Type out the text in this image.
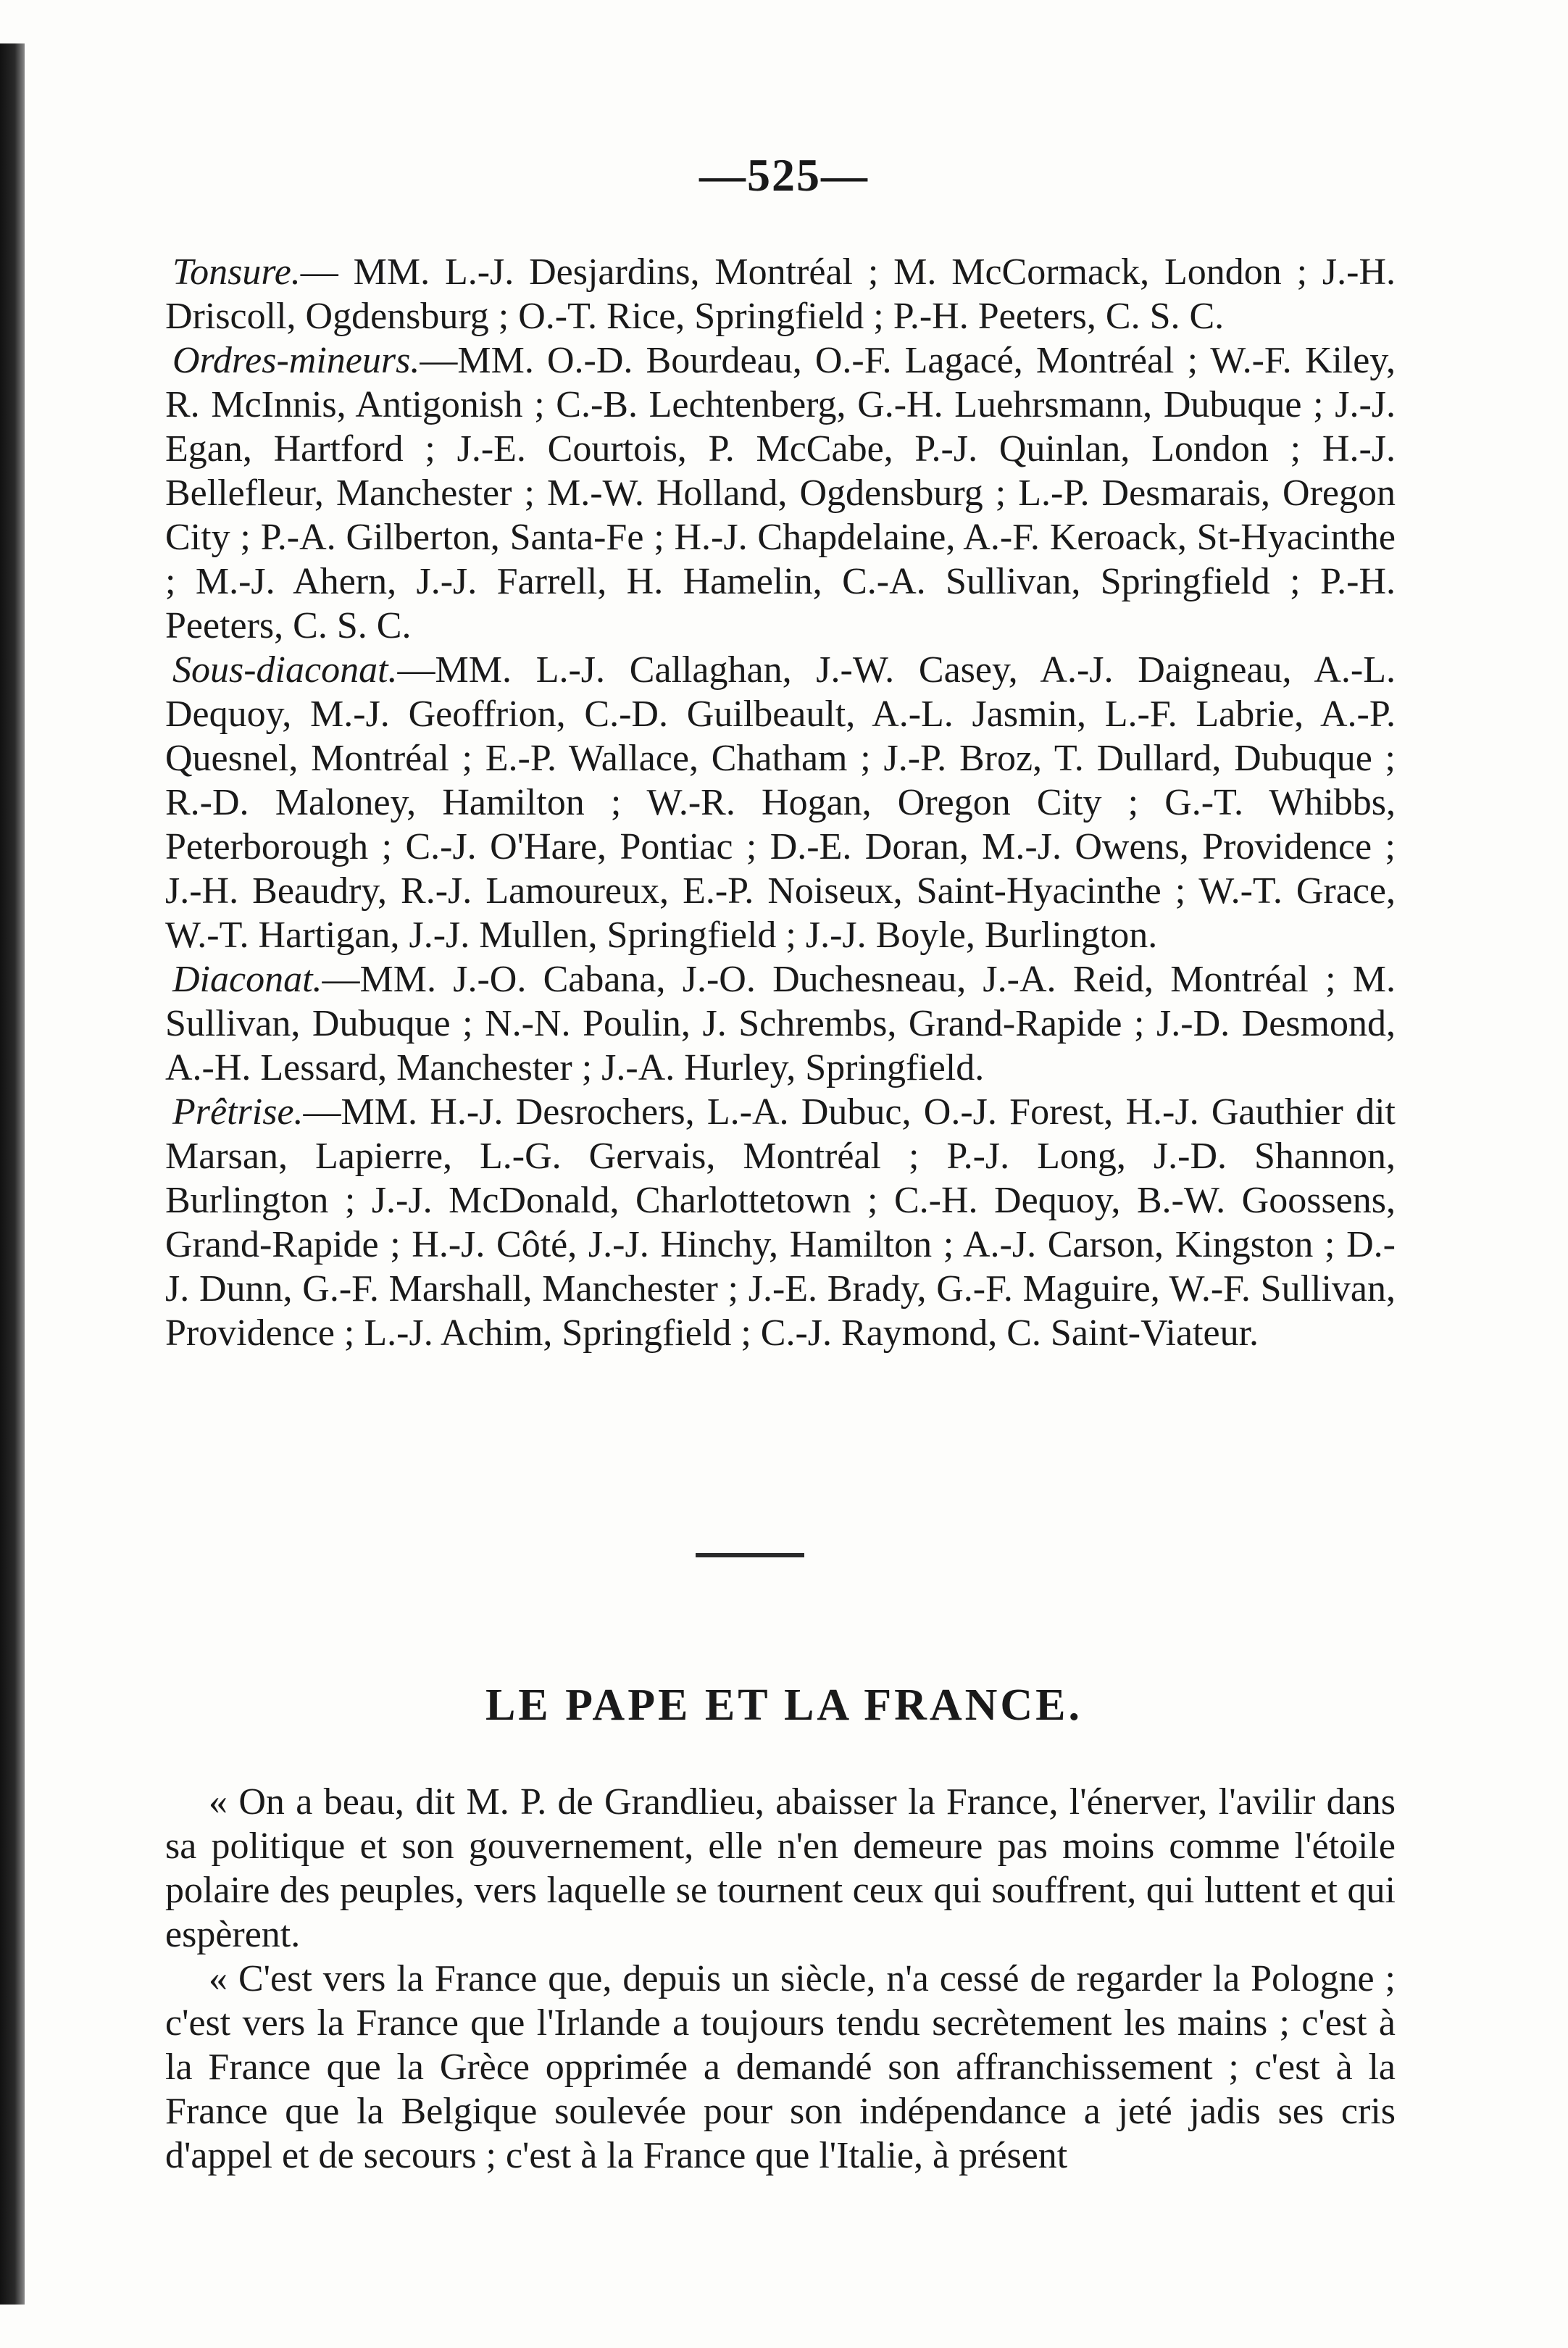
—525—

Tonsure.— MM. L.-J. Desjardins, Montréal ; M. McCormack, London ; J.-H. Driscoll, Ogdensburg ; O.-T. Rice, Springfield ; P.-H. Peeters, C. S. C.

Ordres-mineurs.—MM. O.-D. Bourdeau, O.-F. Lagacé, Montréal ; W.-F. Kiley, R. McInnis, Antigonish ; C.-B. Lechtenberg, G.-H. Luehrsmann, Dubuque ; J.-J. Egan, Hartford ; J.-E. Courtois, P. McCabe, P.-J. Quinlan, London ; H.-J. Bellefleur, Manchester ; M.-W. Holland, Ogdensburg ; L.-P. Desmarais, Oregon City ; P.-A. Gilberton, Santa-Fe ; H.-J. Chapdelaine, A.-F. Keroack, St-Hyacinthe ; M.-J. Ahern, J.-J. Farrell, H. Hamelin, C.-A. Sullivan, Springfield ; P.-H. Peeters, C. S. C.

Sous-diaconat.—MM. L.-J. Callaghan, J.-W. Casey, A.-J. Daigneau, A.-L. Dequoy, M.-J. Geoffrion, C.-D. Guilbeault, A.-L. Jasmin, L.-F. Labrie, A.-P. Quesnel, Montréal ; E.-P. Wallace, Chatham ; J.-P. Broz, T. Dullard, Dubuque ; R.-D. Maloney, Hamilton ; W.-R. Hogan, Oregon City ; G.-T. Whibbs, Peterborough ; C.-J. O'Hare, Pontiac ; D.-E. Doran, M.-J. Owens, Providence ; J.-H. Beaudry, R.-J. Lamoureux, E.-P. Noiseux, Saint-Hyacinthe ; W.-T. Grace, W.-T. Hartigan, J.-J. Mullen, Springfield ; J.-J. Boyle, Burlington.

Diaconat.—MM. J.-O. Cabana, J.-O. Duchesneau, J.-A. Reid, Montréal ; M. Sullivan, Dubuque ; N.-N. Poulin, J. Schrembs, Grand-Rapide ; J.-D. Desmond, A.-H. Lessard, Manchester ; J.-A. Hurley, Springfield.

Prêtrise.—MM. H.-J. Desrochers, L.-A. Dubuc, O.-J. Forest, H.-J. Gauthier dit Marsan, Lapierre, L.-G. Gervais, Montréal ; P.-J. Long, J.-D. Shannon, Burlington ; J.-J. McDonald, Charlottetown ; C.-H. Dequoy, B.-W. Goossens, Grand-Rapide ; H.-J. Côté, J.-J. Hinchy, Hamilton ; A.-J. Carson, Kingston ; D.-J. Dunn, G.-F. Marshall, Manchester ; J.-E. Brady, G.-F. Maguire, W.-F. Sullivan, Providence ; L.-J. Achim, Springfield ; C.-J. Raymond, C. Saint-Viateur.

LE PAPE ET LA FRANCE.

« On a beau, dit M. P. de Grandlieu, abaisser la France, l'énerver, l'avilir dans sa politique et son gouvernement, elle n'en demeure pas moins comme l'étoile polaire des peuples, vers laquelle se tournent ceux qui souffrent, qui luttent et qui espèrent.

« C'est vers la France que, depuis un siècle, n'a cessé de regarder la Pologne ; c'est vers la France que l'Irlande a toujours tendu secrètement les mains ; c'est à la France que la Grèce opprimée a demandé son affranchissement ; c'est à la France que la Belgique soulevée pour son indépendance a jeté jadis ses cris d'appel et de secours ; c'est à la France que l'Italie, à présent
